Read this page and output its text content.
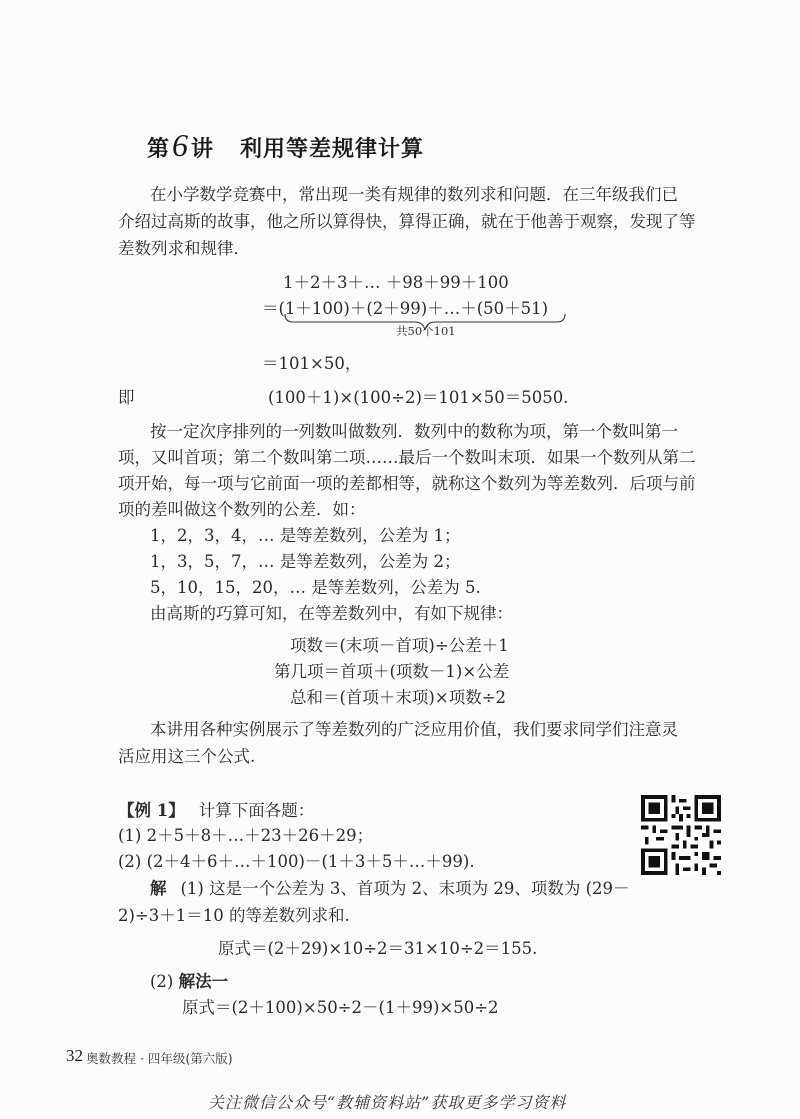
第6讲 利用等差规律计算
在小学数学竞赛中，常出现一类有规律的数列求和问题．在三年级我们已
介绍过高斯的故事，他之所以算得快，算得正确，就在于他善于观察，发现了等
差数列求和规律．
1＋2＋3＋… ＋98＋99＋100
＝(1＋100)＋(2＋99)＋…＋(50＋51)
共50个101
＝101×50，
即	(100＋1)×(100÷2)＝101×50＝5050.
按一定次序排列的一列数叫做数列．数列中的数称为项，第一个数叫第一
项，又叫首项；第二个数叫第二项……最后一个数叫末项．如果一个数列从第二
项开始，每一项与它前面一项的差都相等，就称这个数列为等差数列．后项与前
项的差叫做这个数列的公差．如：
1，2，3，4，… 是等差数列，公差为 1；
1，3，5，7，… 是等差数列，公差为 2；
5，10，15，20，… 是等差数列，公差为 5.
由高斯的巧算可知，在等差数列中，有如下规律：
项数＝(末项－首项)÷公差＋1
第几项＝首项＋(项数－1)×公差
总和＝(首项＋末项)×项数÷2
本讲用各种实例展示了等差数列的广泛应用价值，我们要求同学们注意灵
活应用这三个公式.
【例 1】 计算下面各题：
(1) 2＋5＋8＋…＋23＋26＋29；
(2) (2＋4＋6＋…＋100)－(1＋3＋5＋…＋99).
解 (1) 这是一个公差为 3、首项为 2、末项为 29、项数为 (29－
2)÷3＋1＝10 的等差数列求和.
原式＝(2＋29)×10÷2＝31×10÷2＝155.
(2) 解法一
原式＝(2＋100)×50÷2－(1＋99)×50÷2
32 奥数教程 · 四年级(第六版)
关注微信公众号“教辅资料站”获取更多学习资料
